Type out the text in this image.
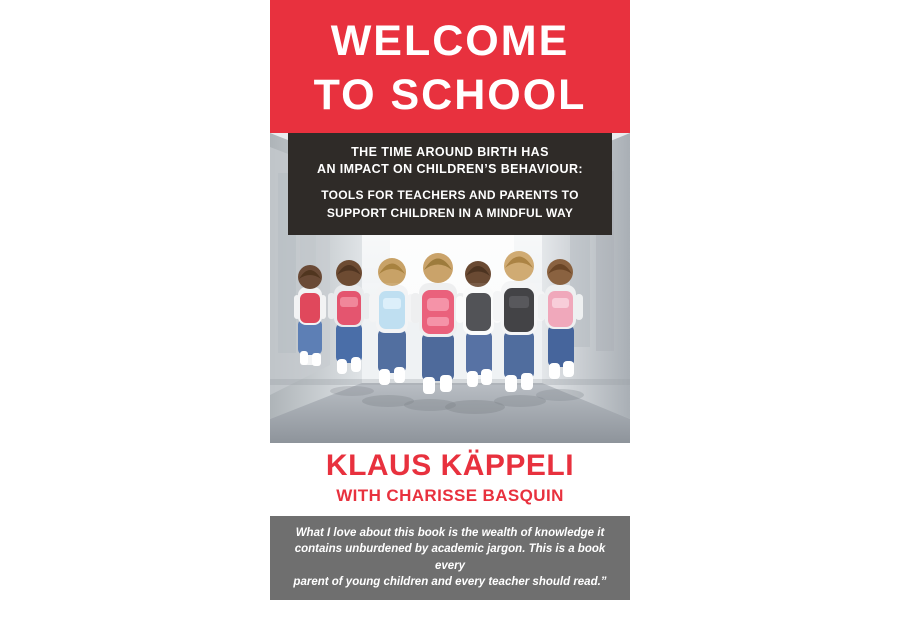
WELCOME
TO SCHOOL
THE TIME AROUND BIRTH HAS
AN IMPACT ON CHILDREN’S BEHAVIOUR:
TOOLS FOR TEACHERS AND PARENTS TO
SUPPORT CHILDREN IN A MINDFUL WAY
KLAUS KÄPPELI
WITH CHARISSE BASQUIN
What I love about this book is the wealth of knowledge it
contains unburdened by academic jargon. This is a book every
parent of young children and every teacher should read.”
Thomas R. Verny MD, DHL (Hon), DPsych, FRCPC, FAPA, Stratford, ON, Canada
